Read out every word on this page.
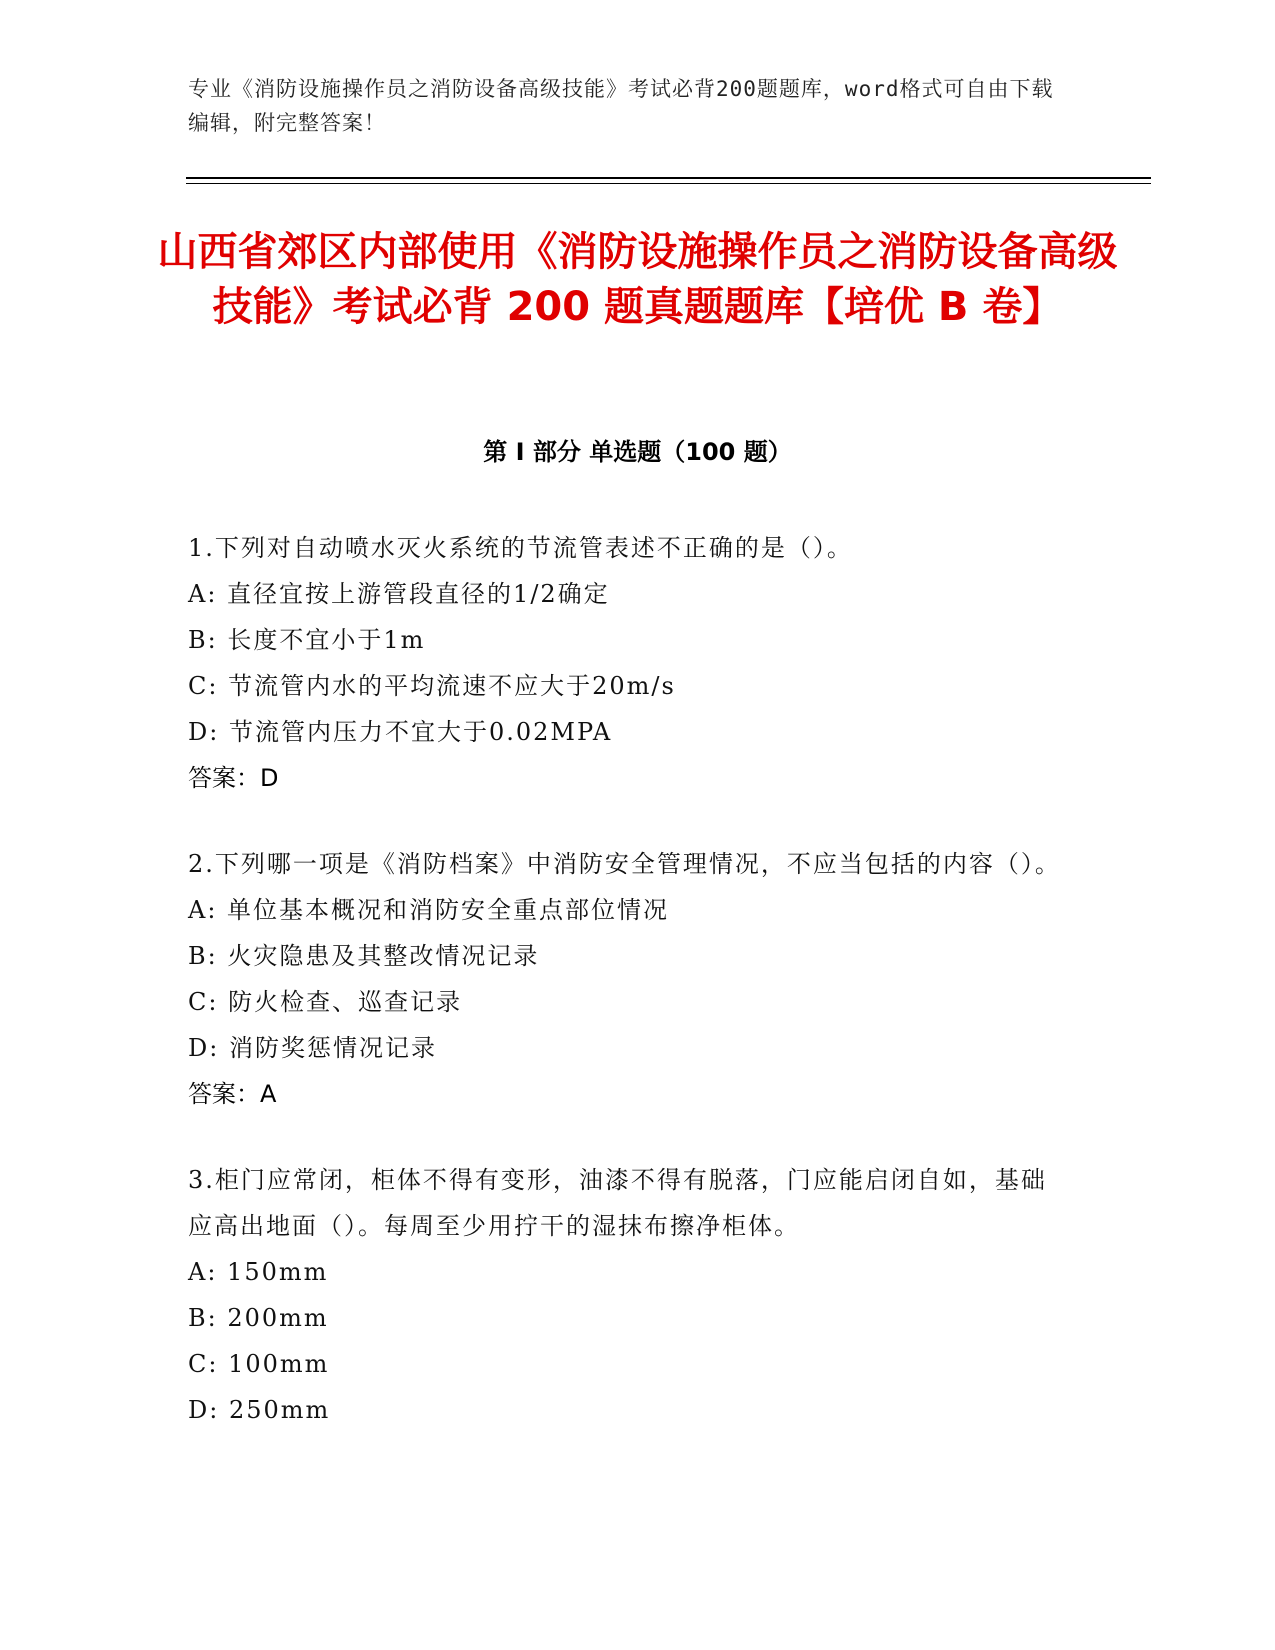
专业《消防设施操作员之消防设备高级技能》考试必背200题题库，word格式可自由下载编辑，附完整答案！
山西省郊区内部使用《消防设施操作员之消防设备高级技能》考试必背 200 题真题题库【培优 B 卷】
第 I 部分 单选题（100 题）
1.下列对自动喷水灭火系统的节流管表述不正确的是（）。
A: 直径宜按上游管段直径的1/2确定
B: 长度不宜小于1m
C: 节流管内水的平均流速不应大于20m/s
D: 节流管内压力不宜大于0.02MPA
答案：D
2.下列哪一项是《消防档案》中消防安全管理情况，不应当包括的内容（）。
A: 单位基本概况和消防安全重点部位情况
B: 火灾隐患及其整改情况记录
C: 防火检查、巡查记录
D: 消防奖惩情况记录
答案：A
3.柜门应常闭，柜体不得有变形，油漆不得有脱落，门应能启闭自如，基础应高出地面（）。每周至少用拧干的湿抹布擦净柜体。
A: 150mm
B: 200mm
C: 100mm
D: 250mm
